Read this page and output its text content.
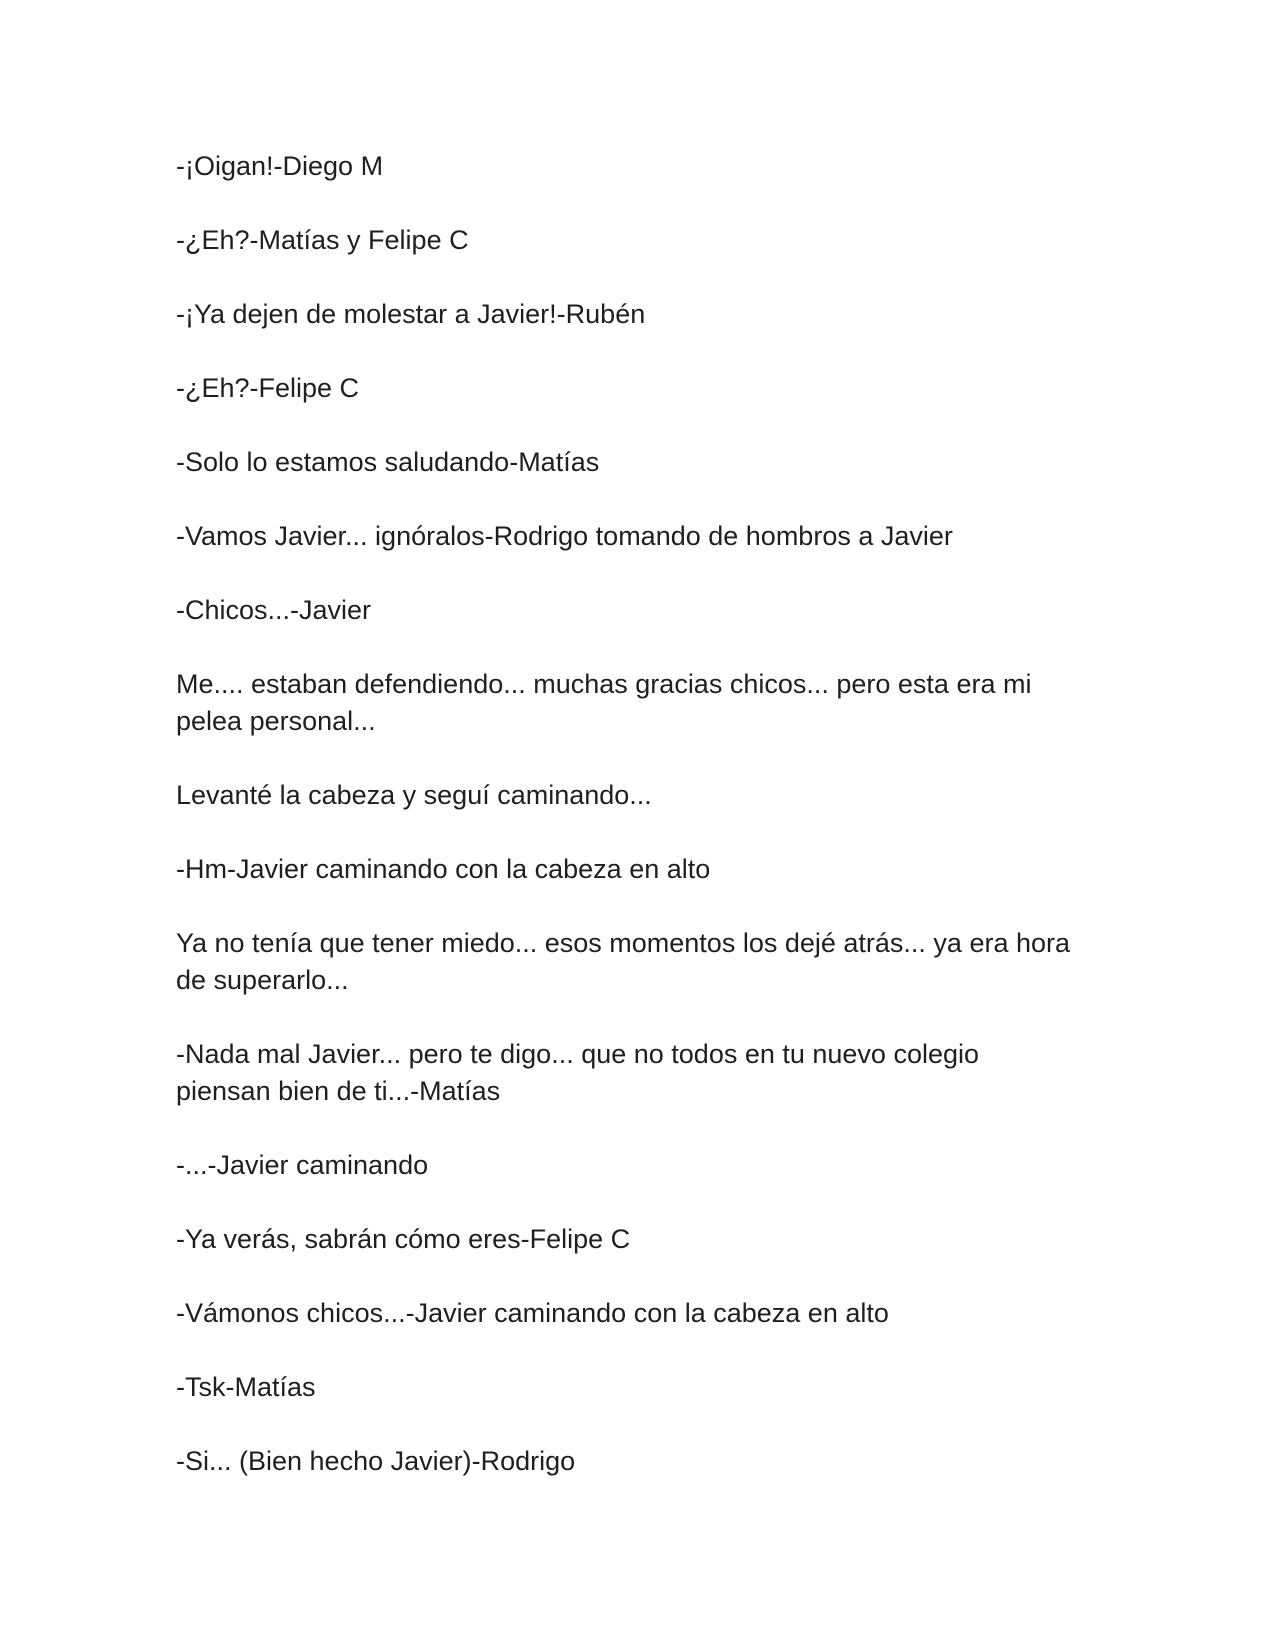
-¡Oigan!-Diego M

-¿Eh?-Matías y Felipe C

-¡Ya dejen de molestar a Javier!-Rubén

-¿Eh?-Felipe C

-Solo lo estamos saludando-Matías

-Vamos Javier... ignóralos-Rodrigo tomando de hombros a Javier

-Chicos...-Javier

Me.... estaban defendiendo... muchas gracias chicos... pero esta era mi pelea personal...

Levanté la cabeza y seguí caminando...

-Hm-Javier caminando con la cabeza en alto

Ya no tenía que tener miedo... esos momentos los dejé atrás... ya era hora de superarlo...

-Nada mal Javier... pero te digo... que no todos en tu nuevo colegio piensan bien de ti...-Matías

-...-Javier caminando

-Ya verás, sabrán cómo eres-Felipe C

-Vámonos chicos...-Javier caminando con la cabeza en alto

-Tsk-Matías

-Si... (Bien hecho Javier)-Rodrigo
